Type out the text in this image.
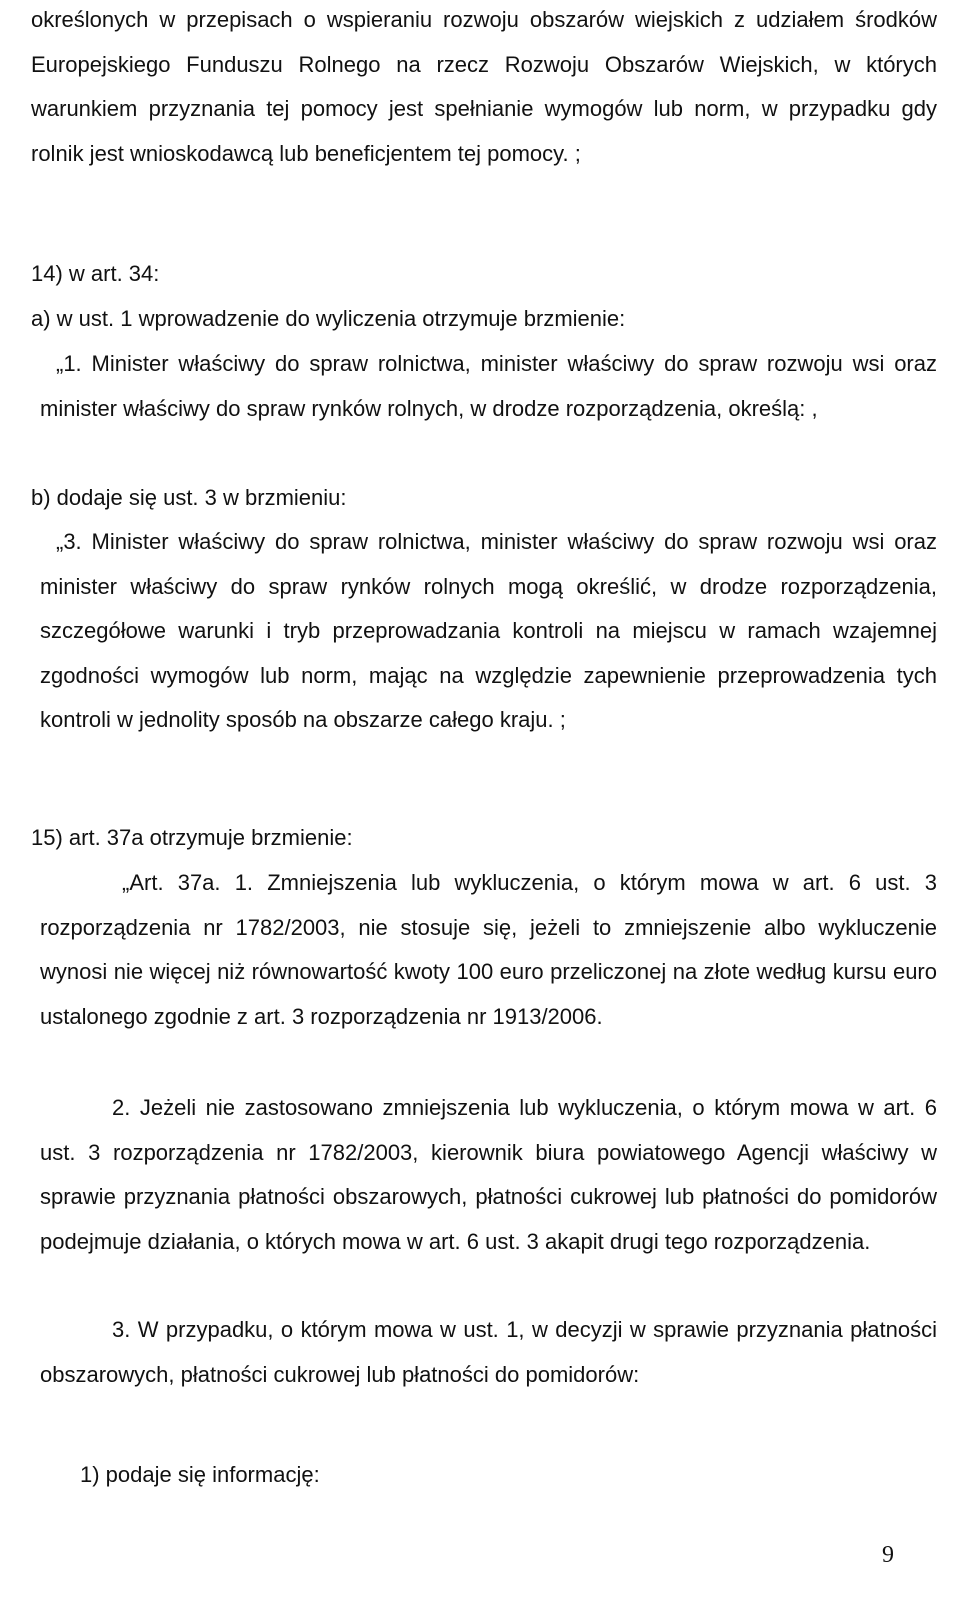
określonych w przepisach o wspieraniu rozwoju obszarów wiejskich z udziałem środków Europejskiego Funduszu Rolnego na rzecz Rozwoju Obszarów Wiejskich, w których warunkiem przyznania tej pomocy jest spełnianie wymogów lub norm, w przypadku gdy rolnik jest wnioskodawcą lub beneficjentem tej pomocy. ;

14) w art. 34:

a) w ust. 1 wprowadzenie do wyliczenia otrzymuje brzmienie:

„1. Minister właściwy do spraw rolnictwa, minister właściwy do spraw rozwoju wsi oraz minister właściwy do spraw rynków rolnych, w drodze rozporządzenia, określą: ,

b) dodaje się ust. 3 w brzmieniu:

„3. Minister właściwy do spraw rolnictwa, minister właściwy do spraw rozwoju wsi oraz minister właściwy do spraw rynków rolnych mogą określić, w drodze rozporządzenia, szczegółowe warunki i tryb przeprowadzania kontroli na miejscu w ramach wzajemnej zgodności wymogów lub norm, mając na względzie zapewnienie przeprowadzenia tych kontroli w jednolity sposób na obszarze całego kraju. ;

15) art. 37a otrzymuje brzmienie:

„Art. 37a. 1. Zmniejszenia lub wykluczenia, o którym mowa w art. 6 ust. 3 rozporządzenia nr 1782/2003, nie stosuje się, jeżeli to zmniejszenie albo wykluczenie wynosi nie więcej niż równowartość kwoty 100 euro przeliczonej na złote według kursu euro ustalonego zgodnie z art. 3 rozporządzenia nr 1913/2006.

2. Jeżeli nie zastosowano zmniejszenia lub wykluczenia, o którym mowa w art. 6 ust. 3 rozporządzenia nr 1782/2003, kierownik biura powiatowego Agencji właściwy w sprawie przyznania płatności obszarowych, płatności cukrowej lub płatności do pomidorów podejmuje działania, o których mowa w art. 6 ust. 3 akapit drugi tego rozporządzenia.

3. W przypadku, o którym mowa w ust. 1, w decyzji w sprawie przyznania płatności obszarowych, płatności cukrowej lub płatności do pomidorów:

1) podaje się informację:

9
